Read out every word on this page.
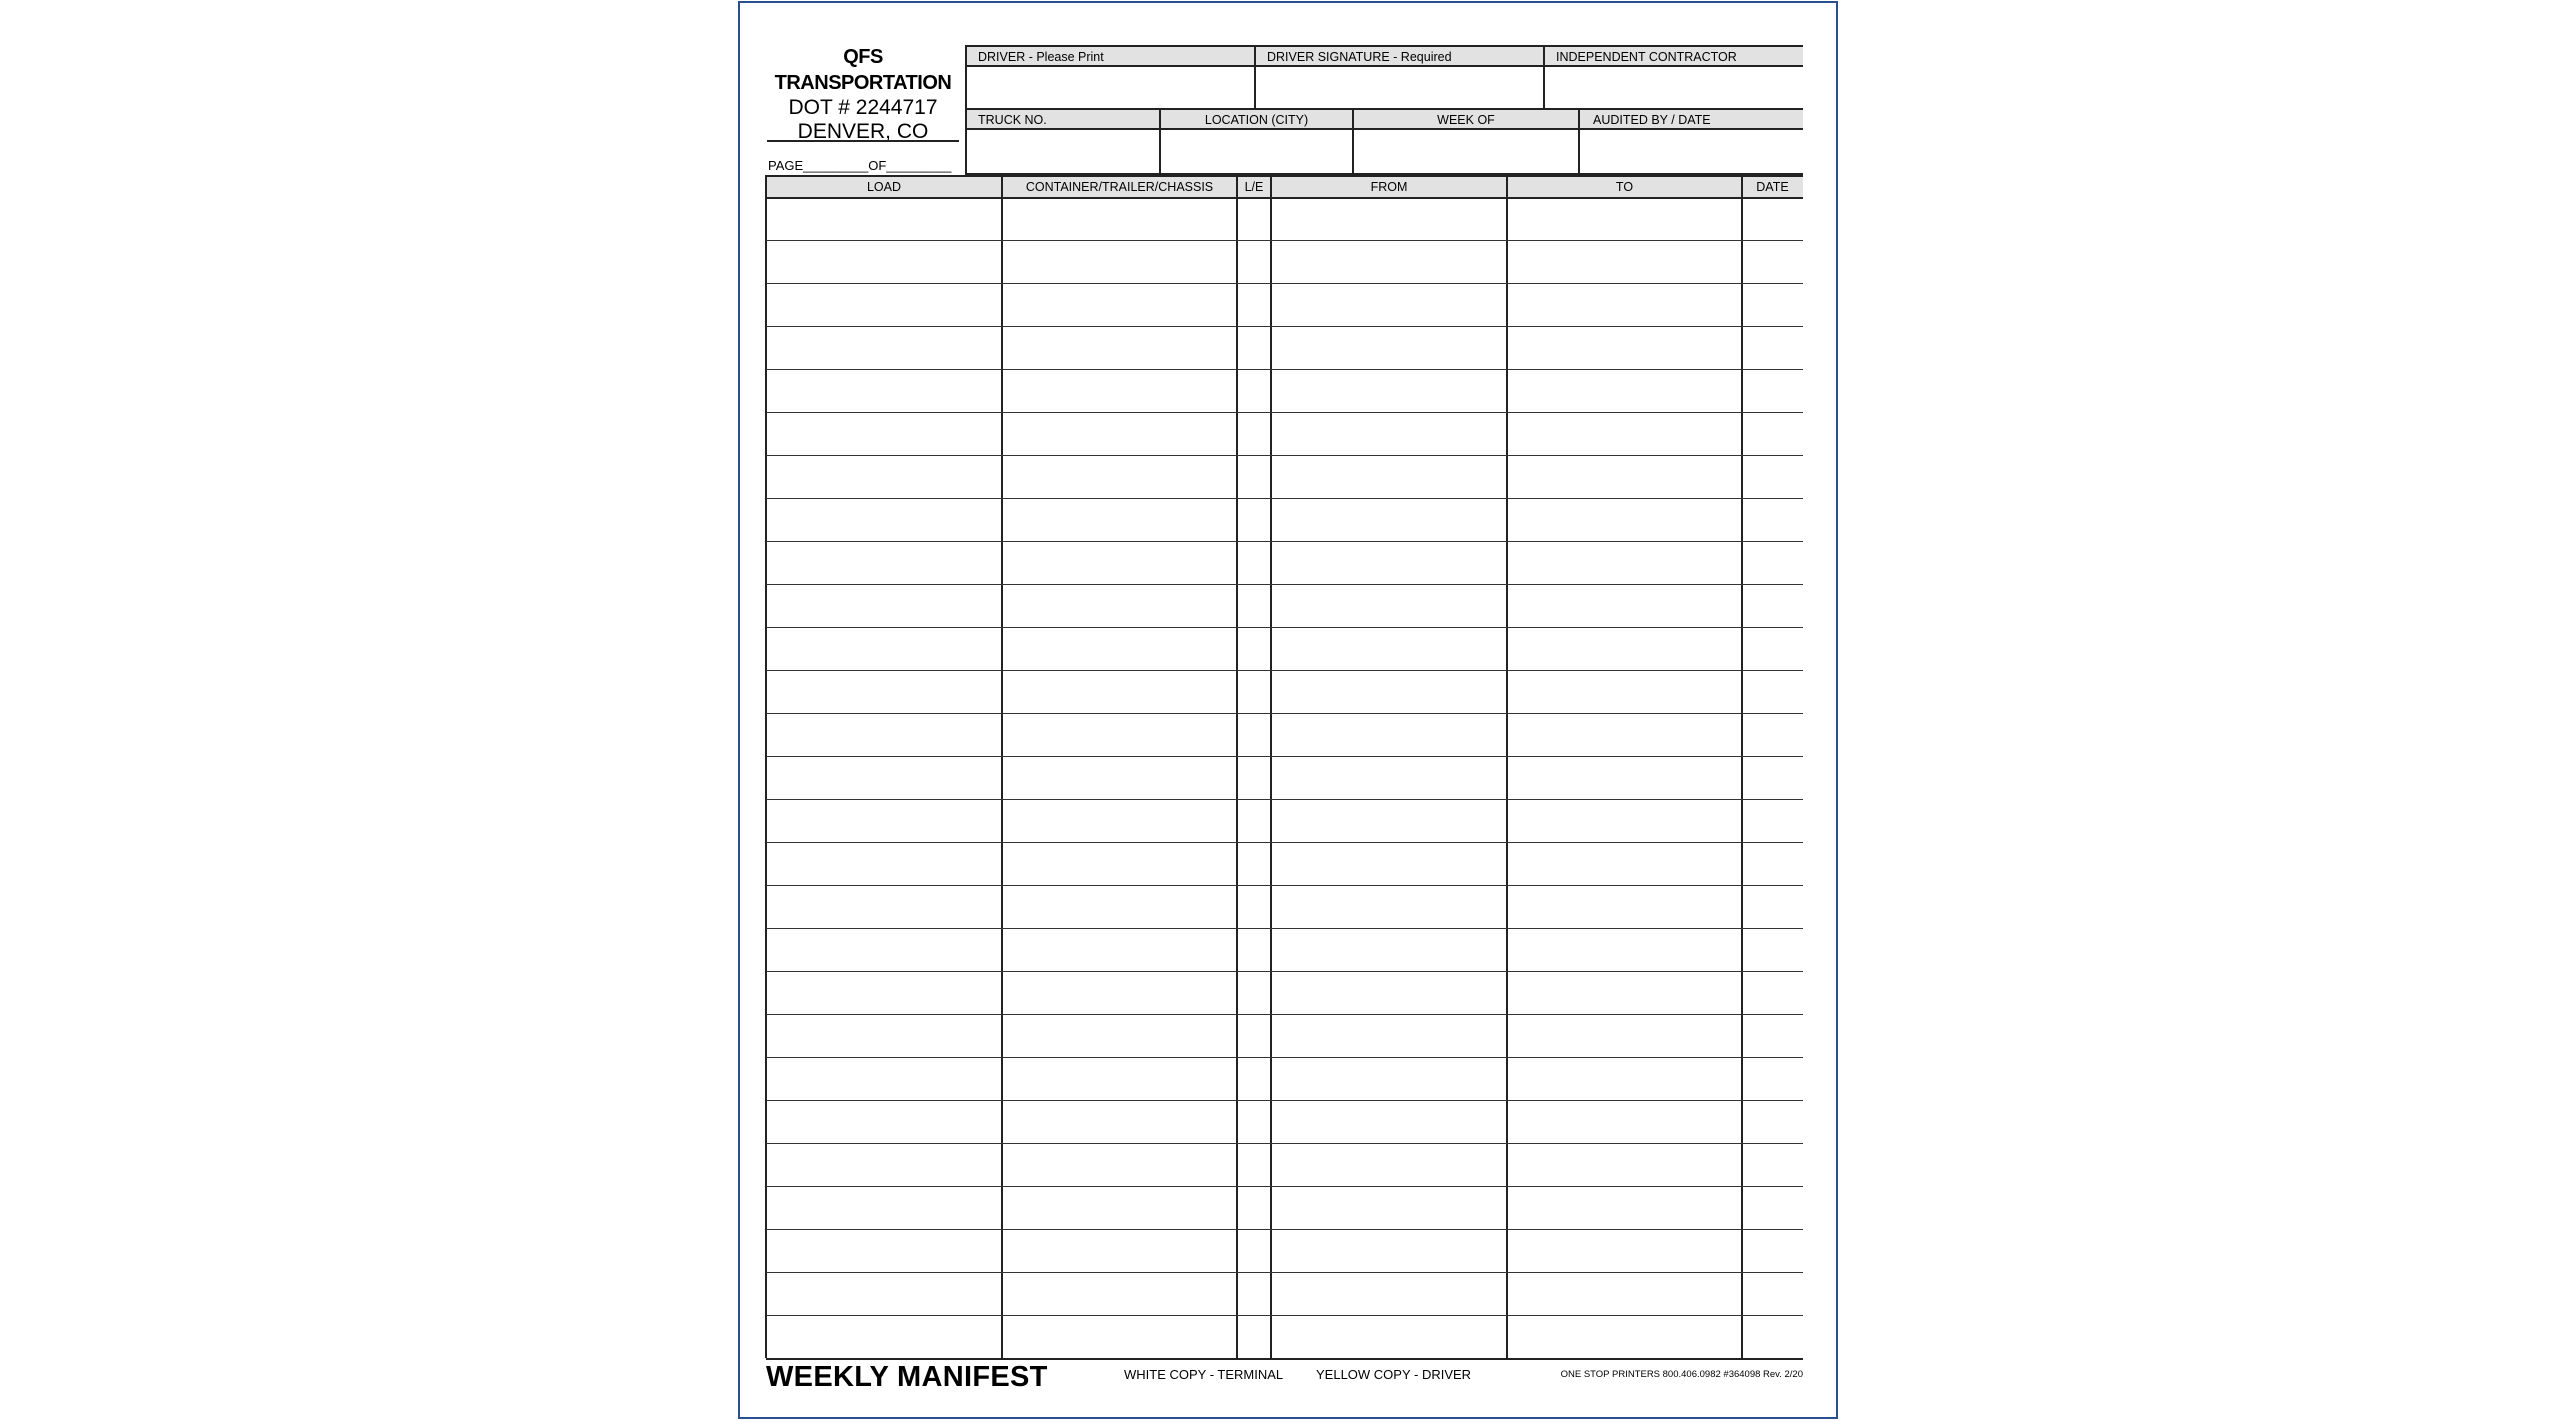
QFS TRANSPORTATION
DOT # 2244717
DENVER, CO
PAGE_________OF_________
DRIVER - Please Print	DRIVER SIGNATURE - Required	INDEPENDENT CONTRACTOR
TRUCK NO.	LOCATION (CITY)	WEEK OF	AUDITED BY / DATE
LOAD	CONTAINER/TRAILER/CHASSIS	L/E	FROM	TO	DATE
WEEKLY MANIFEST	WHITE COPY - TERMINAL	YELLOW COPY - DRIVER	ONE STOP PRINTERS 800.406.0982 #364098 Rev. 2/20
